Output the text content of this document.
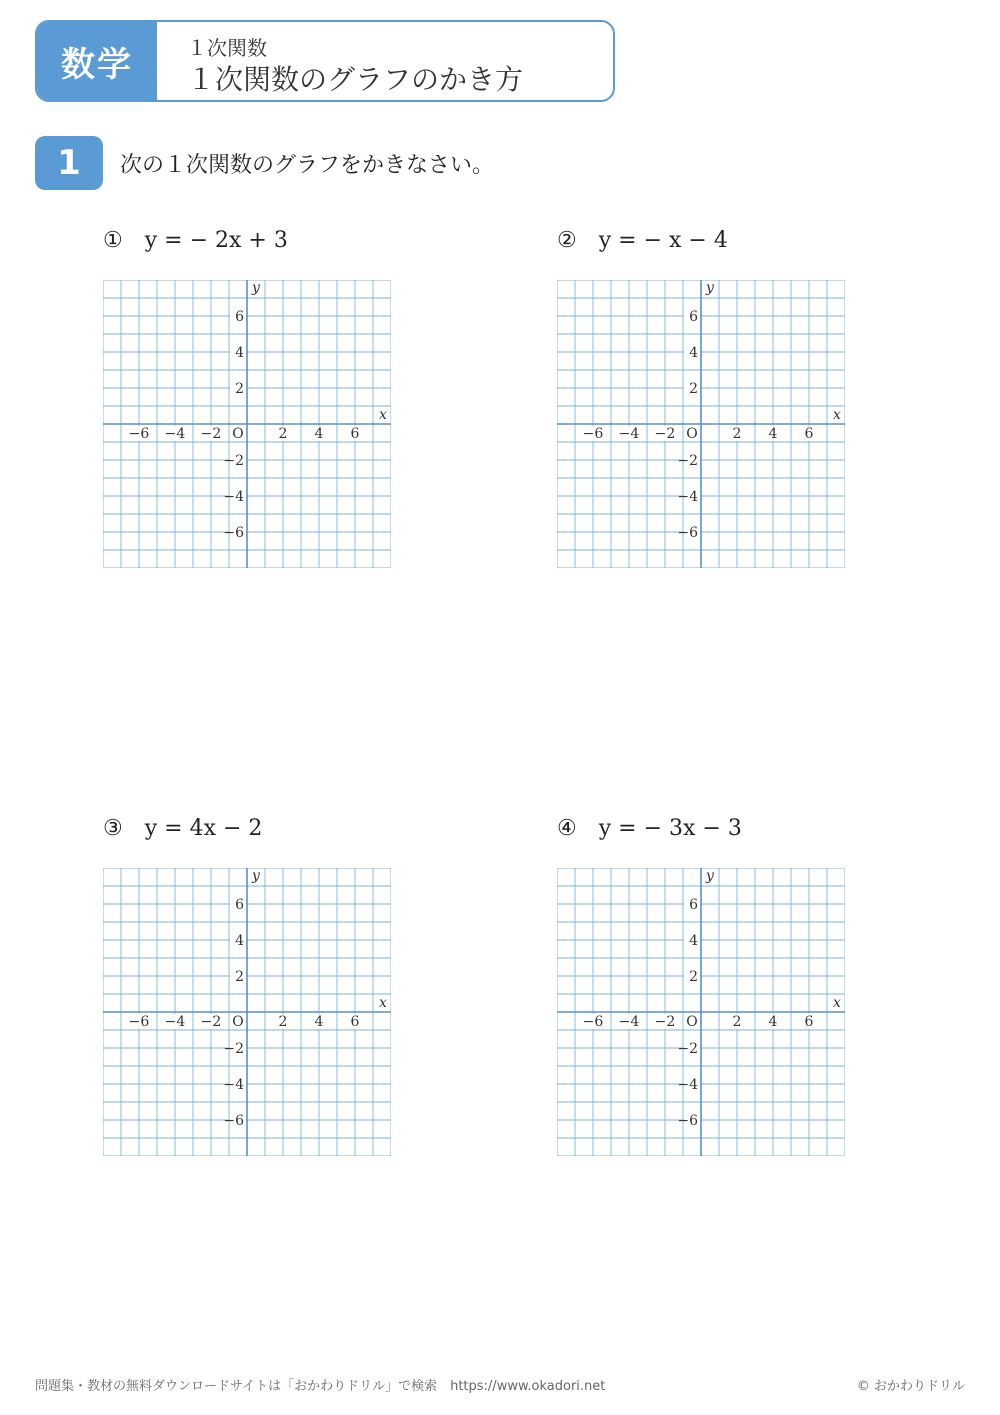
数学	１次関数
１次関数のグラフのかき方
1	次の１次関数のグラフをかきなさい。
① y = − 2x + 3
−6 −4 −2	2 4 6
6
4
2
−2
−4
−6
O
x
y
② y = − x − 4
−6 −4 −2	2 4 6
6
4
2
−2
−4
−6
O
x
y
③ y = 4x − 2
−6 −4 −2	2 4 6
6
4
2
−2
−4
−6
O
x
y
④ y = − 3x − 3
−6 −4 −2	2 4 6
6
4
2
−2
−4
−6
O
x
y
問題集・教材の無料ダウンロードサイトは「おかわりドリル」で検索　https://www.okadori.net	© おかわりドリル
